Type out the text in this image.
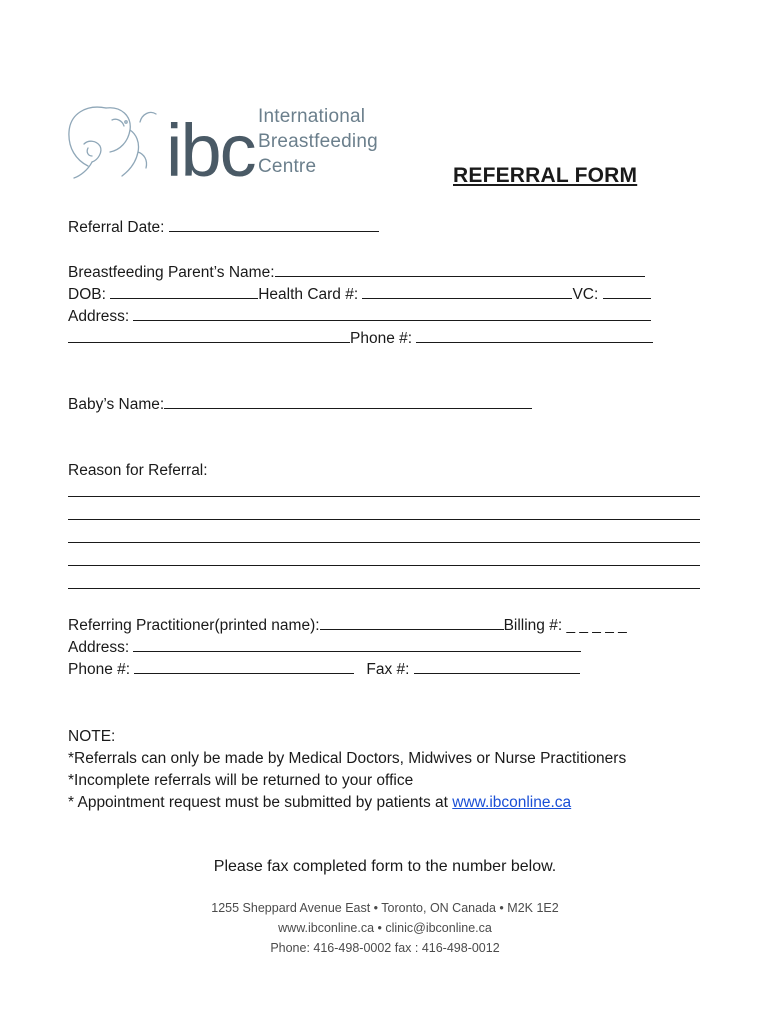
ibc International
Breastfeeding
Centre	REFERRAL FORM
Referral Date:
Breastfeeding Parent’s Name:
DOB:	Health Card #:	VC:
Address:
Phone #:
Baby’s Name:
Reason for Referral:
Referring Practitioner(printed name):	Billing #: _ _ _ _ _
Address:
Phone #:	Fax #:
NOTE:
*Referrals can only be made by Medical Doctors, Midwives or Nurse Practitioners
*Incomplete referrals will be returned to your office
* Appointment request must be submitted by patients at www.ibconline.ca
Please fax completed form to the number below.
1255 Sheppard Avenue East • Toronto, ON Canada • M2K 1E2
www.ibconline.ca • clinic@ibconline.ca
Phone: 416-498-0002 fax : 416-498-0012
